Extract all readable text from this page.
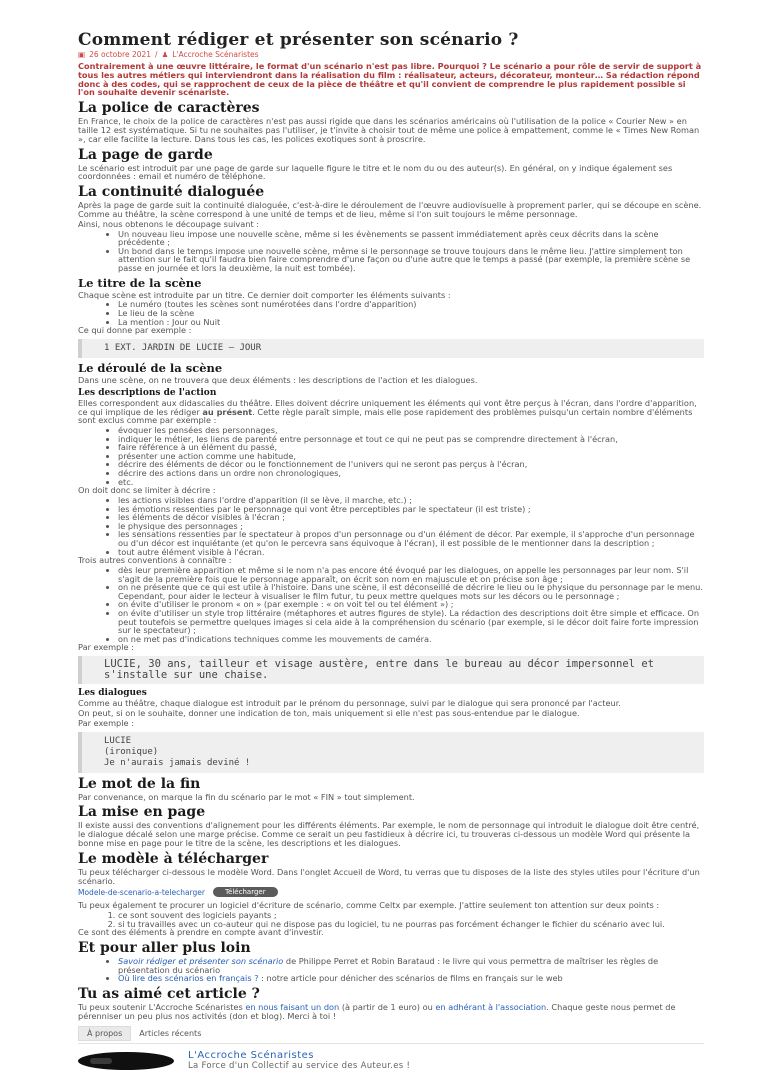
Comment rédiger et présenter son scénario ?
▣ 26 octobre 2021 / ♟ L'Accroche Scénaristes

Contrairement à une œuvre littéraire, le format d'un scénario n'est pas libre. Pourquoi ? Le scénario a pour rôle de servir de support à tous les autres métiers qui interviendront dans la réalisation du film : réalisateur, acteurs, décorateur, monteur… Sa rédaction répond donc à des codes, qui se rapprochent de ceux de la pièce de théâtre et qu'il convient de comprendre le plus rapidement possible si l'on souhaite devenir scénariste.

La police de caractères

En France, le choix de la police de caractères n'est pas aussi rigide que dans les scénarios américains où l'utilisation de la police « Courier New » en taille 12 est systématique. Si tu ne souhaites pas l'utiliser, je t'invite à choisir tout de même une police à empattement, comme le « Times New Roman », car elle facilite la lecture. Dans tous les cas, les polices exotiques sont à proscrire.

La page de garde

Le scénario est introduit par une page de garde sur laquelle figure le titre et le nom du ou des auteur(s). En général, on y indique également ses coordonnées : email et numéro de téléphone.

La continuité dialoguée

Après la page de garde suit la continuité dialoguée, c'est-à-dire le déroulement de l'œuvre audiovisuelle à proprement parler, qui se découpe en scène. Comme au théâtre, la scène correspond à une unité de temps et de lieu, même si l'on suit toujours le même personnage.

Ainsi, nous obtenons le découpage suivant :

• Un nouveau lieu impose une nouvelle scène, même si les évènements se passent immédiatement après ceux décrits dans la scène précédente ;
• Un bond dans le temps impose une nouvelle scène, même si le personnage se trouve toujours dans le même lieu. J'attire simplement ton attention sur le fait qu'il faudra bien faire comprendre d'une façon ou d'une autre que le temps a passé (par exemple, la première scène se passe en journée et lors la deuxième, la nuit est tombée).
Le titre de la scène

Chaque scène est introduite par un titre. Ce dernier doit comporter les éléments suivants :

• Le numéro (toutes les scènes sont numérotées dans l'ordre d'apparition)
• Le lieu de la scène
• La mention : Jour ou Nuit

Ce qui donne par exemple :

1 EXT. JARDIN DE LUCIE – JOUR
Le déroulé de la scène

Dans une scène, on ne trouvera que deux éléments : les descriptions de l'action et les dialogues.

Les descriptions de l'action

Elles correspondent aux didascalies du théâtre. Elles doivent décrire uniquement les éléments qui vont être perçus à l'écran, dans l'ordre d'apparition, ce qui implique de les rédiger au présent. Cette règle paraît simple, mais elle pose rapidement des problèmes puisqu'un certain nombre d'éléments sont exclus comme par exemple :

• évoquer les pensées des personnages,
• indiquer le métier, les liens de parenté entre personnage et tout ce qui ne peut pas se comprendre directement à l'écran,
• faire référence à un élément du passé,
• présenter une action comme une habitude,
• décrire des éléments de décor ou le fonctionnement de l'univers qui ne seront pas perçus à l'écran,
• décrire des actions dans un ordre non chronologiques,
• etc.

On doit donc se limiter à décrire :

• les actions visibles dans l'ordre d'apparition (il se lève, il marche, etc.) ;
• les émotions ressenties par le personnage qui vont être perceptibles par le spectateur (il est triste) ;
• les éléments de décor visibles à l'écran ;
• le physique des personnages ;
• les sensations ressenties par le spectateur à propos d'un personnage ou d'un élément de décor. Par exemple, il s'approche d'un personnage ou d'un décor est inquiétante (et qu'on le percevra sans équivoque à l'écran), il est possible de le mentionner dans la description ;
• tout autre élément visible à l'écran.

Trois autres conventions à connaître :

• dès leur première apparition et même si le nom n'a pas encore été évoqué par les dialogues, on appelle les personnages par leur nom. S'il s'agit de la première fois que le personnage apparaît, on écrit son nom en majuscule et on précise son âge ;
• on ne présente que ce qui est utile à l'histoire. Dans une scène, il est déconseillé de décrire le lieu ou le physique du personnage par le menu. Cependant, pour aider le lecteur à visualiser le film futur, tu peux mettre quelques mots sur les décors ou le personnage ;
• on évite d'utiliser le pronom « on » (par exemple : « on voit tel ou tel élément ») ;
• on évite d'utiliser un style trop littéraire (métaphores et autres figures de style). La rédaction des descriptions doit être simple et efficace. On peut toutefois se permettre quelques images si cela aide à la compréhension du scénario (par exemple, si le décor doit faire forte impression sur le spectateur) ;
• on ne met pas d'indications techniques comme les mouvements de caméra.

Par exemple :

LUCIE, 30 ans, tailleur et visage austère, entre dans le bureau au décor impersonnel et s'installe sur une chaise.
Les dialogues

Comme au théâtre, chaque dialogue est introduit par le prénom du personnage, suivi par le dialogue qui sera prononcé par l'acteur.

On peut, si on le souhaite, donner une indication de ton, mais uniquement si elle n'est pas sous-entendue par le dialogue.

Par exemple :

LUCIE
(ironique)
Je n'aurais jamais deviné !
Le mot de la fin

Par convenance, on marque la fin du scénario par le mot « FIN » tout simplement.

La mise en page

Il existe aussi des conventions d'alignement pour les différents éléments. Par exemple, le nom de personnage qui introduit le dialogue doit être centré, le dialogue décalé selon une marge précise. Comme ce serait un peu fastidieux à décrire ici, tu trouveras ci-dessous un modèle Word qui présente la bonne mise en page pour le titre de la scène, les descriptions et les dialogues.

Le modèle à télécharger

Tu peux télécharger ci-dessous le modèle Word. Dans l'onglet Accueil de Word, tu verras que tu disposes de la liste des styles utiles pour l'écriture d'un scénario.

Modele-de-scenario-a-telecharger	Télécharger

Tu peux également te procurer un logiciel d'écriture de scénario, comme Celtx par exemple. J'attire seulement ton attention sur deux points :

1. ce sont souvent des logiciels payants ;
2. si tu travailles avec un co-auteur qui ne dispose pas du logiciel, tu ne pourras pas forcément échanger le fichier du scénario avec lui.

Ce sont des éléments à prendre en compte avant d'investir.

Et pour aller plus loin
• Savoir rédiger et présenter son scénario de Philippe Perret et Robin Barataud : le livre qui vous permettra de maîtriser les règles de présentation du scénario
• Où lire des scénarios en français ? : notre article pour dénicher des scénarios de films en français sur le web
Tu as aimé cet article ?

Tu peux soutenir L'Accroche Scénaristes en nous faisant un don (à partir de 1 euro) ou en adhérant à l'association. Chaque geste nous permet de pérenniser un peu plus nos activités (don et blog). Merci à toi !

À propos	Articles récents
L'Accroche Scénaristes
La Force d'un Collectif au service des Auteur.es !
